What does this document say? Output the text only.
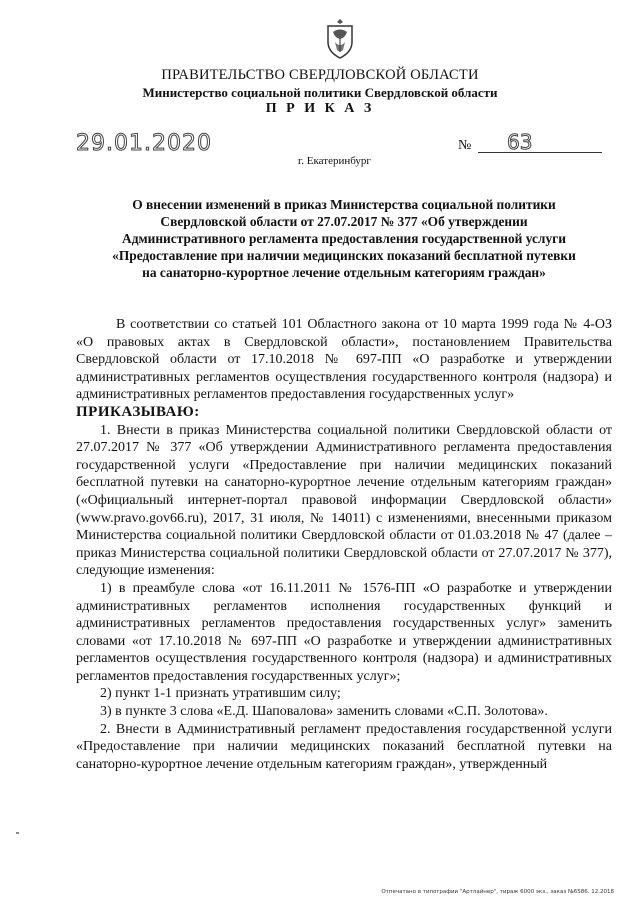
ПРАВИТЕЛЬСТВО СВЕРДЛОВСКОЙ ОБЛАСТИ
Министерство социальной политики Свердловской области
П Р И К А З
29.01.2020	№ 63
г. Екатеринбург
О внесении изменений в приказ Министерства социальной политики
Свердловской области от 27.07.2017 № 377 «Об утверждении
Административного регламента предоставления государственной услуги
«Предоставление при наличии медицинских показаний бесплатной путевки
на санаторно-курортное лечение отдельным категориям граждан»

В соответствии со статьей 101 Областного закона от 10 марта 1999 года № 4-ОЗ «О правовых актах в Свердловской области», постановлением Правительства Свердловской области от 17.10.2018 № 697-ПП «О разработке и утверждении административных регламентов осуществления государственного контроля (надзора) и административных регламентов предоставления государственных услуг»

ПРИКАЗЫВАЮ:

1. Внести в приказ Министерства социальной политики Свердловской области от 27.07.2017 № 377 «Об утверждении Административного регламента предоставления государственной услуги «Предоставление при наличии медицинских показаний бесплатной путевки на санаторно-курортное лечение отдельным категориям граждан» («Официальный интернет-портал правовой информации Свердловской области» (www.pravo.gov66.ru), 2017, 31 июля, № 14011) с изменениями, внесенными приказом Министерства социальной политики Свердловской области от 01.03.2018 № 47 (далее – приказ Министерства социальной политики Свердловской области от 27.07.2017 № 377), следующие изменения:

1) в преамбуле слова «от 16.11.2011 № 1576-ПП «О разработке и утверждении административных регламентов исполнения государственных функций и административных регламентов предоставления государственных услуг» заменить словами «от 17.10.2018 № 697-ПП «О разработке и утверждении административных регламентов осуществления государственного контроля (надзора) и административных регламентов предоставления государственных услуг»;

2) пункт 1-1 признать утратившим силу;

3) в пункте 3 слова «Е.Д. Шаповалова» заменить словами «С.П. Золотова».

2. Внести в Административный регламент предоставления государственной услуги «Предоставление при наличии медицинских показаний бесплатной путевки на санаторно-курортное лечение отдельным категориям граждан», утвержденный

Отпечатано в типографии "Артлайнер", тираж 6000 экз., заказ №6586. 12.2018
